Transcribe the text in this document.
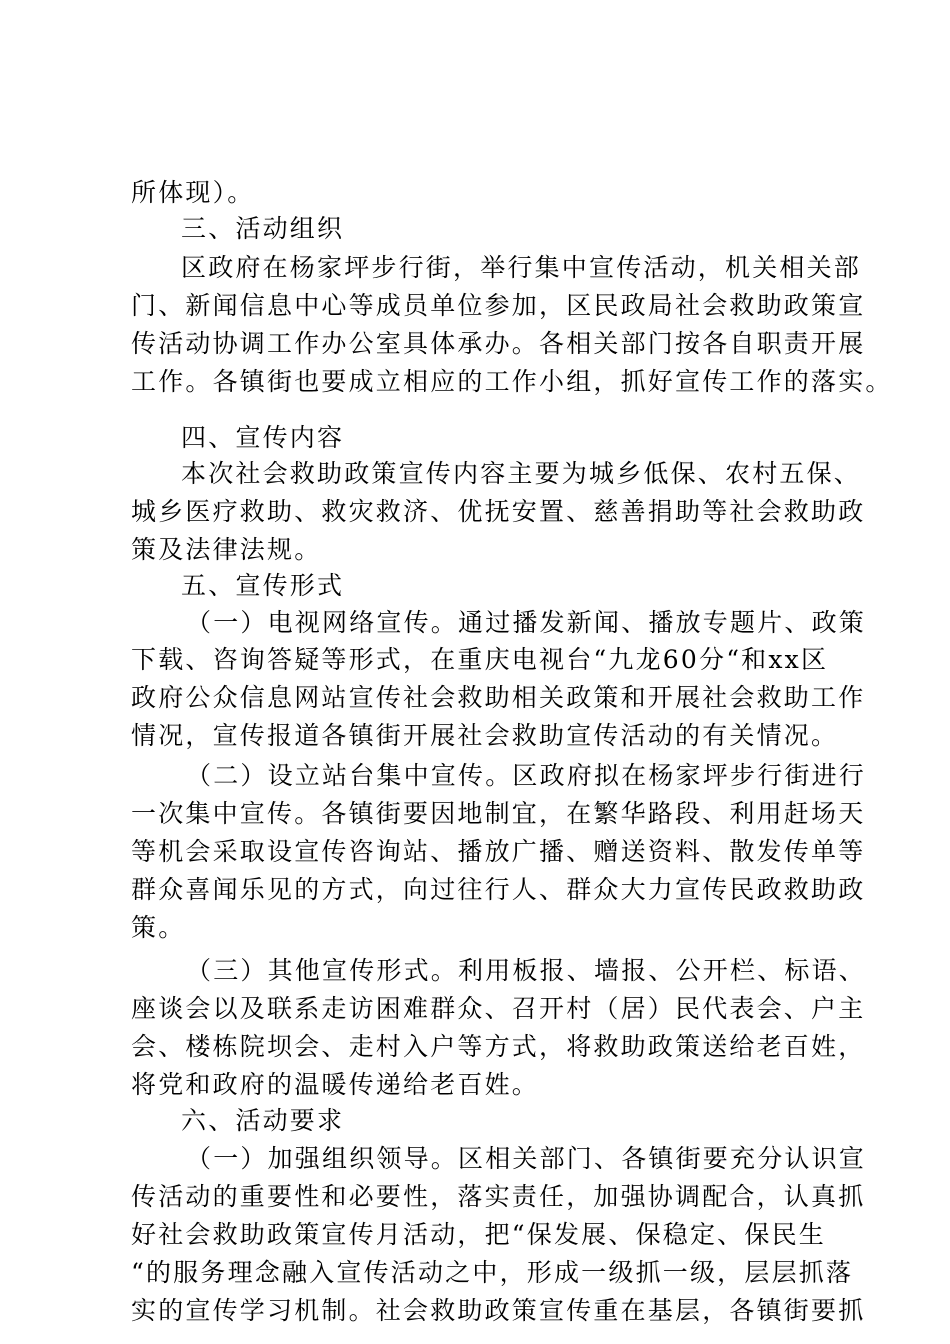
所体现）。
三、活动组织
区政府在杨家坪步行街，举行集中宣传活动，机关相关部
门、新闻信息中心等成员单位参加，区民政局社会救助政策宣
传活动协调工作办公室具体承办。各相关部门按各自职责开展
工作。各镇街也要成立相应的工作小组，抓好宣传工作的落实。
四、宣传内容
本次社会救助政策宣传内容主要为城乡低保、农村五保、
城乡医疗救助、救灾救济、优抚安置、慈善捐助等社会救助政
策及法律法规。
五、宣传形式
（一）电视网络宣传。通过播发新闻、播放专题片、政策
下载、咨询答疑等形式，在重庆电视台“九龙60分“和xx区
政府公众信息网站宣传社会救助相关政策和开展社会救助工作
情况，宣传报道各镇街开展社会救助宣传活动的有关情况。
（二）设立站台集中宣传。区政府拟在杨家坪步行街进行
一次集中宣传。各镇街要因地制宜，在繁华路段、利用赶场天
等机会采取设宣传咨询站、播放广播、赠送资料、散发传单等
群众喜闻乐见的方式，向过往行人、群众大力宣传民政救助政
策。
（三）其他宣传形式。利用板报、墙报、公开栏、标语、
座谈会以及联系走访困难群众、召开村（居）民代表会、户主
会、楼栋院坝会、走村入户等方式，将救助政策送给老百姓，
将党和政府的温暖传递给老百姓。
六、活动要求
（一）加强组织领导。区相关部门、各镇街要充分认识宣
传活动的重要性和必要性，落实责任，加强协调配合，认真抓
好社会救助政策宣传月活动，把“保发展、保稳定、保民生
“的服务理念融入宣传活动之中，形成一级抓一级，层层抓落
实的宣传学习机制。社会救助政策宣传重在基层，各镇街要抓
